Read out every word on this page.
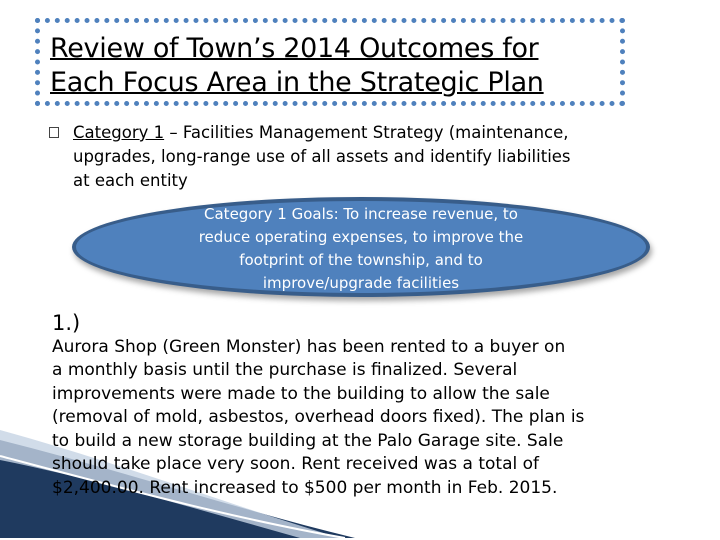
Review of Town’s 2014 Outcomes for
Each Focus Area in the Strategic Plan
Category 1 – Facilities Management Strategy (maintenance,
upgrades, long-range use of all assets and identify liabilities
at each entity
Category 1 Goals: To increase revenue, to
reduce operating expenses, to improve the
footprint of the township, and to
improve/upgrade facilities
1.)
Aurora Shop (Green Monster) has been rented to a buyer on
a monthly basis until the purchase is finalized. Several
improvements were made to the building to allow the sale
(removal of mold, asbestos, overhead doors fixed). The plan is
to build a new storage building at the Palo Garage site. Sale
should take place very soon. Rent received was a total of
$2,400.00. Rent increased to $500 per month in Feb. 2015.
